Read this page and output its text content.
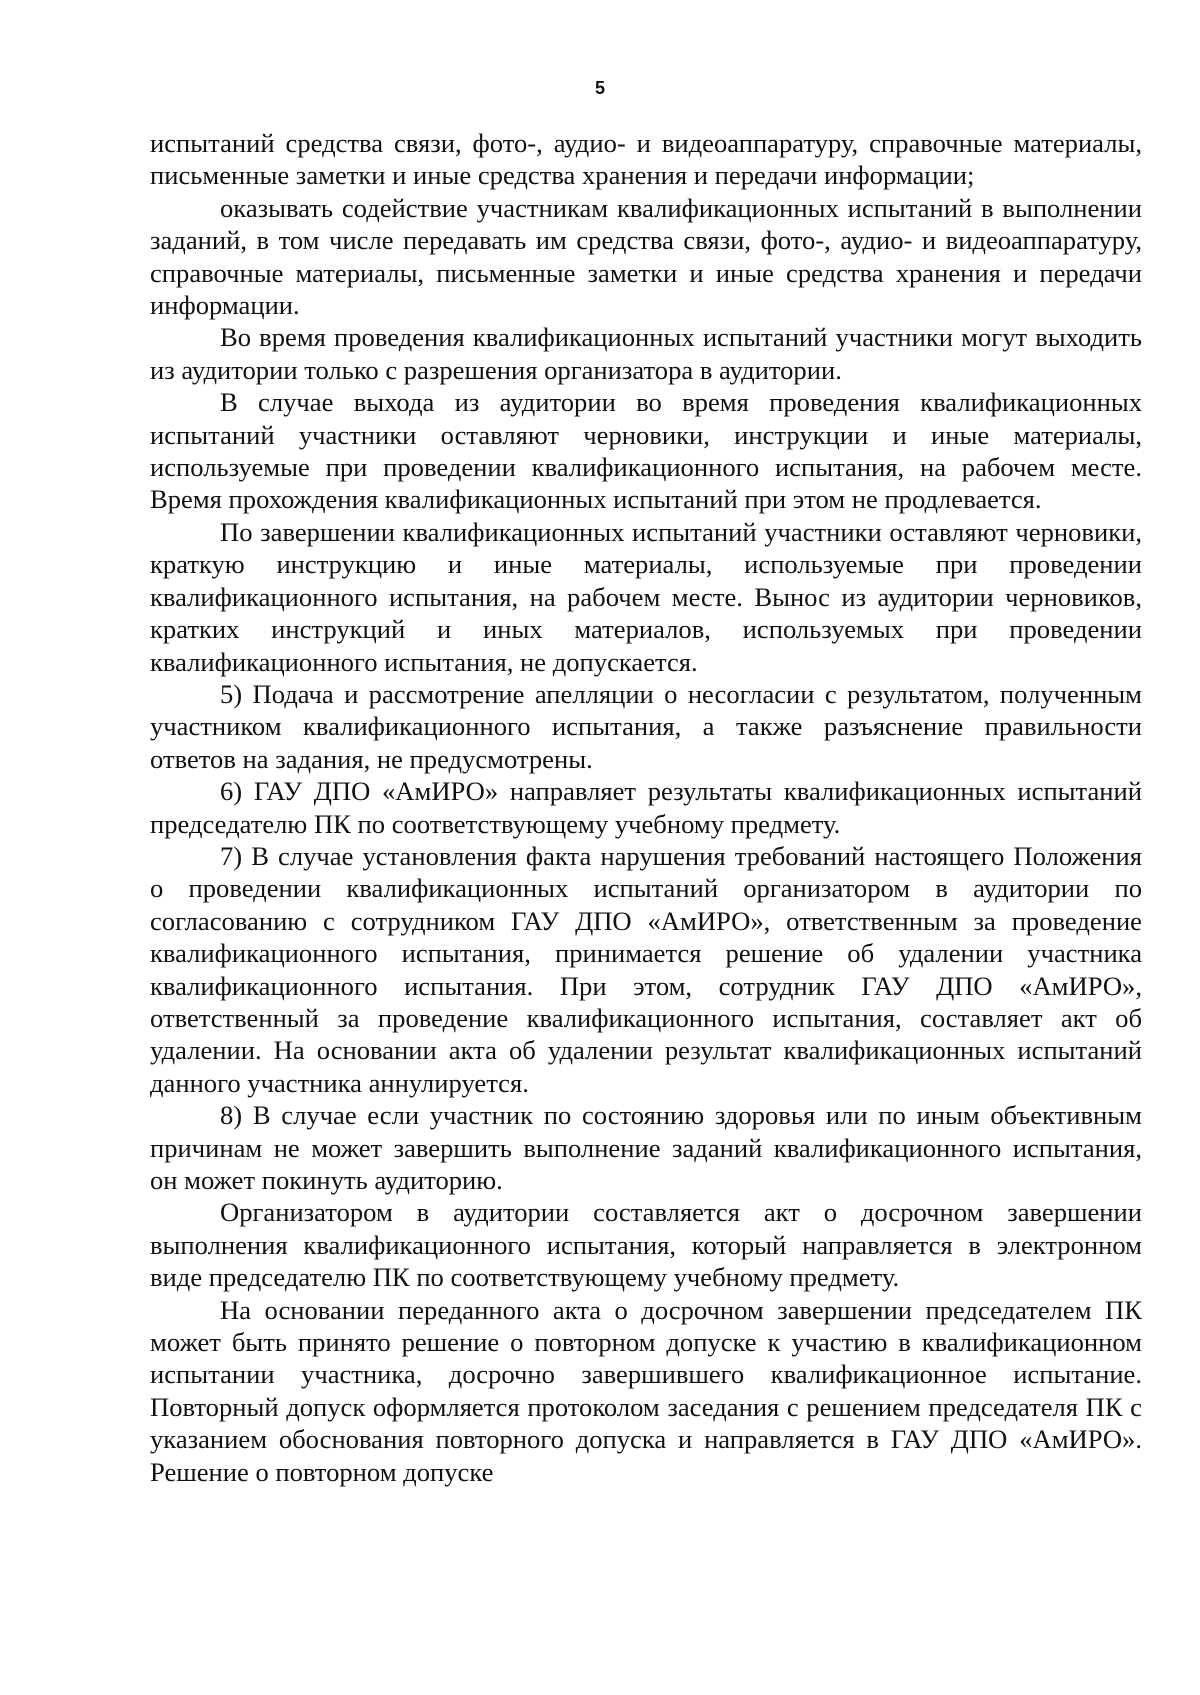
5

испытаний средства связи, фото-, аудио- и видеоаппаратуру, справочные материалы, письменные заметки и иные средства хранения и передачи информации;

оказывать содействие участникам квалификационных испытаний в выполнении заданий, в том числе передавать им средства связи, фото-, аудио- и видеоаппаратуру, справочные материалы, письменные заметки и иные средства хранения и передачи информации.

Во время проведения квалификационных испытаний участники могут выходить из аудитории только с разрешения организатора в аудитории.

В случае выхода из аудитории во время проведения квалификационных испытаний участники оставляют черновики, инструкции и иные материалы, используемые при проведении квалификационного испытания, на рабочем месте. Время прохождения квалификационных испытаний при этом не продлевается.

По завершении квалификационных испытаний участники оставляют черновики, краткую инструкцию и иные материалы, используемые при проведении квалификационного испытания, на рабочем месте. Вынос из аудитории черновиков, кратких инструкций и иных материалов, используемых при проведении квалификационного испытания, не допускается.

5) Подача и рассмотрение апелляции о несогласии с результатом, полученным участником квалификационного испытания, а также разъяснение правильности ответов на задания, не предусмотрены.

6) ГАУ ДПО «АмИРО» направляет результаты квалификационных испытаний председателю ПК по соответствующему учебному предмету.

7) В случае установления факта нарушения требований настоящего Положения о проведении квалификационных испытаний организатором в аудитории по согласованию с сотрудником ГАУ ДПО «АмИРО», ответственным за проведение квалификационного испытания, принимается решение об удалении участника квалификационного испытания. При этом, сотрудник ГАУ ДПО «АмИРО», ответственный за проведение квалификационного испытания, составляет акт об удалении. На основании акта об удалении результат квалификационных испытаний данного участника аннулируется.

8) В случае если участник по состоянию здоровья или по иным объективным причинам не может завершить выполнение заданий квалификационного испытания, он может покинуть аудиторию.

Организатором в аудитории составляется акт о досрочном завершении выполнения квалификационного испытания, который направляется в электронном виде председателю ПК по соответствующему учебному предмету.

На основании переданного акта о досрочном завершении председателем ПК может быть принято решение о повторном допуске к участию в квалификационном испытании участника, досрочно завершившего квалификационное испытание. Повторный допуск оформляется протоколом заседания с решением председателя ПК с указанием обоснования повторного допуска и направляется в ГАУ ДПО «АмИРО». Решение о повторном допуске
